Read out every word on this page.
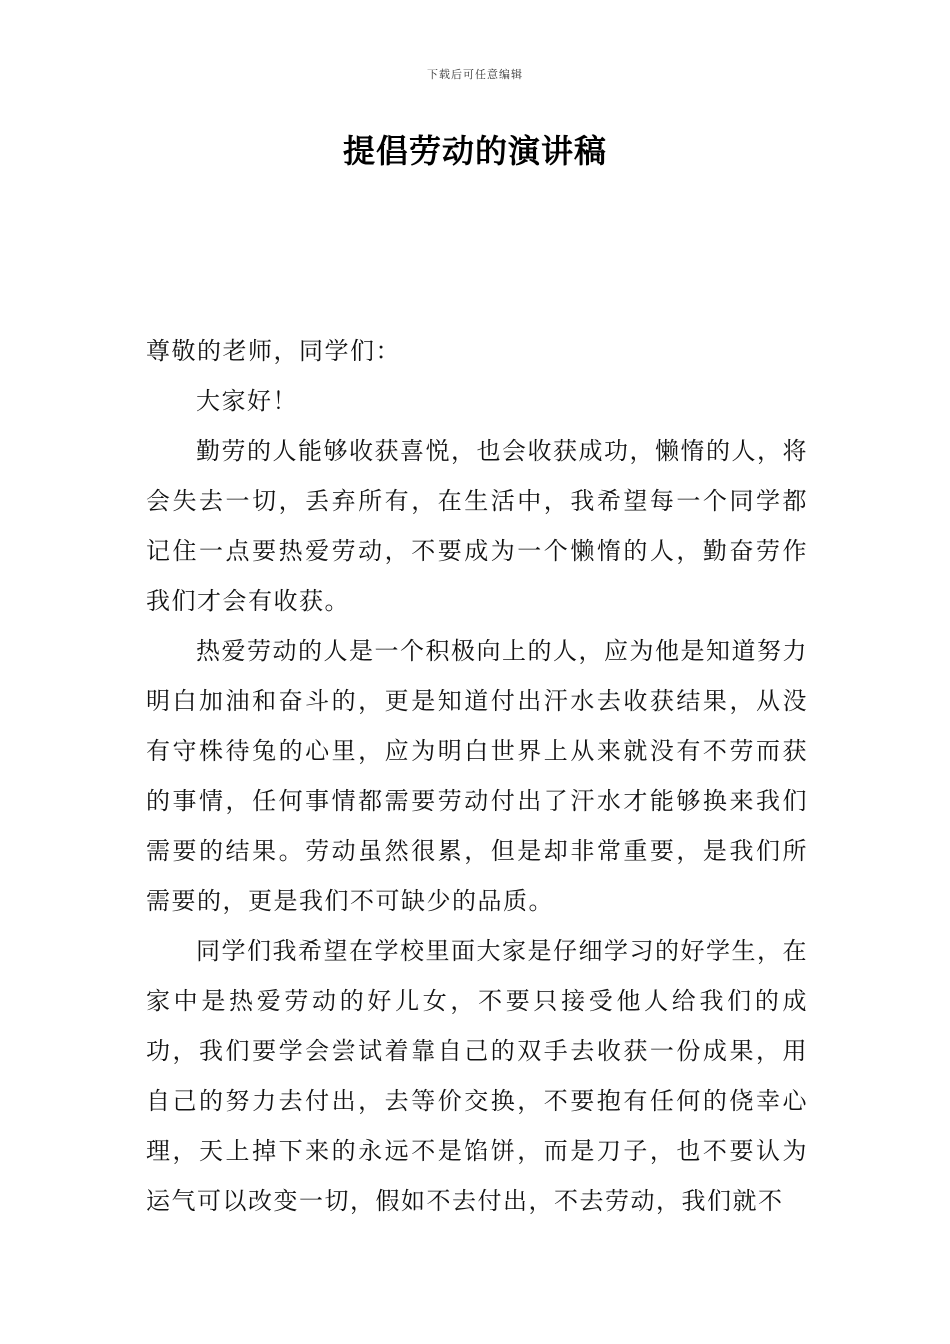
下载后可任意编辑
提倡劳动的演讲稿

尊敬的老师，同学们：

大家好！

勤劳的人能够收获喜悦，也会收获成功，懒惰的人，将会失去一切，丢弃所有，在生活中，我希望每一个同学都记住一点要热爱劳动，不要成为一个懒惰的人，勤奋劳作我们才会有收获。

热爱劳动的人是一个积极向上的人，应为他是知道努力明白加油和奋斗的，更是知道付出汗水去收获结果，从没有守株待兔的心里，应为明白世界上从来就没有不劳而获的事情，任何事情都需要劳动付出了汗水才能够换来我们需要的结果。劳动虽然很累，但是却非常重要，是我们所需要的，更是我们不可缺少的品质。

同学们我希望在学校里面大家是仔细学习的好学生，在家中是热爱劳动的好儿女，不要只接受他人给我们的成功，我们要学会尝试着靠自己的双手去收获一份成果，用自己的努力去付出，去等价交换，不要抱有任何的侥幸心理，天上掉下来的永远不是馅饼，而是刀子，也不要认为运气可以改变一切，假如不去付出，不去劳动，我们就不
